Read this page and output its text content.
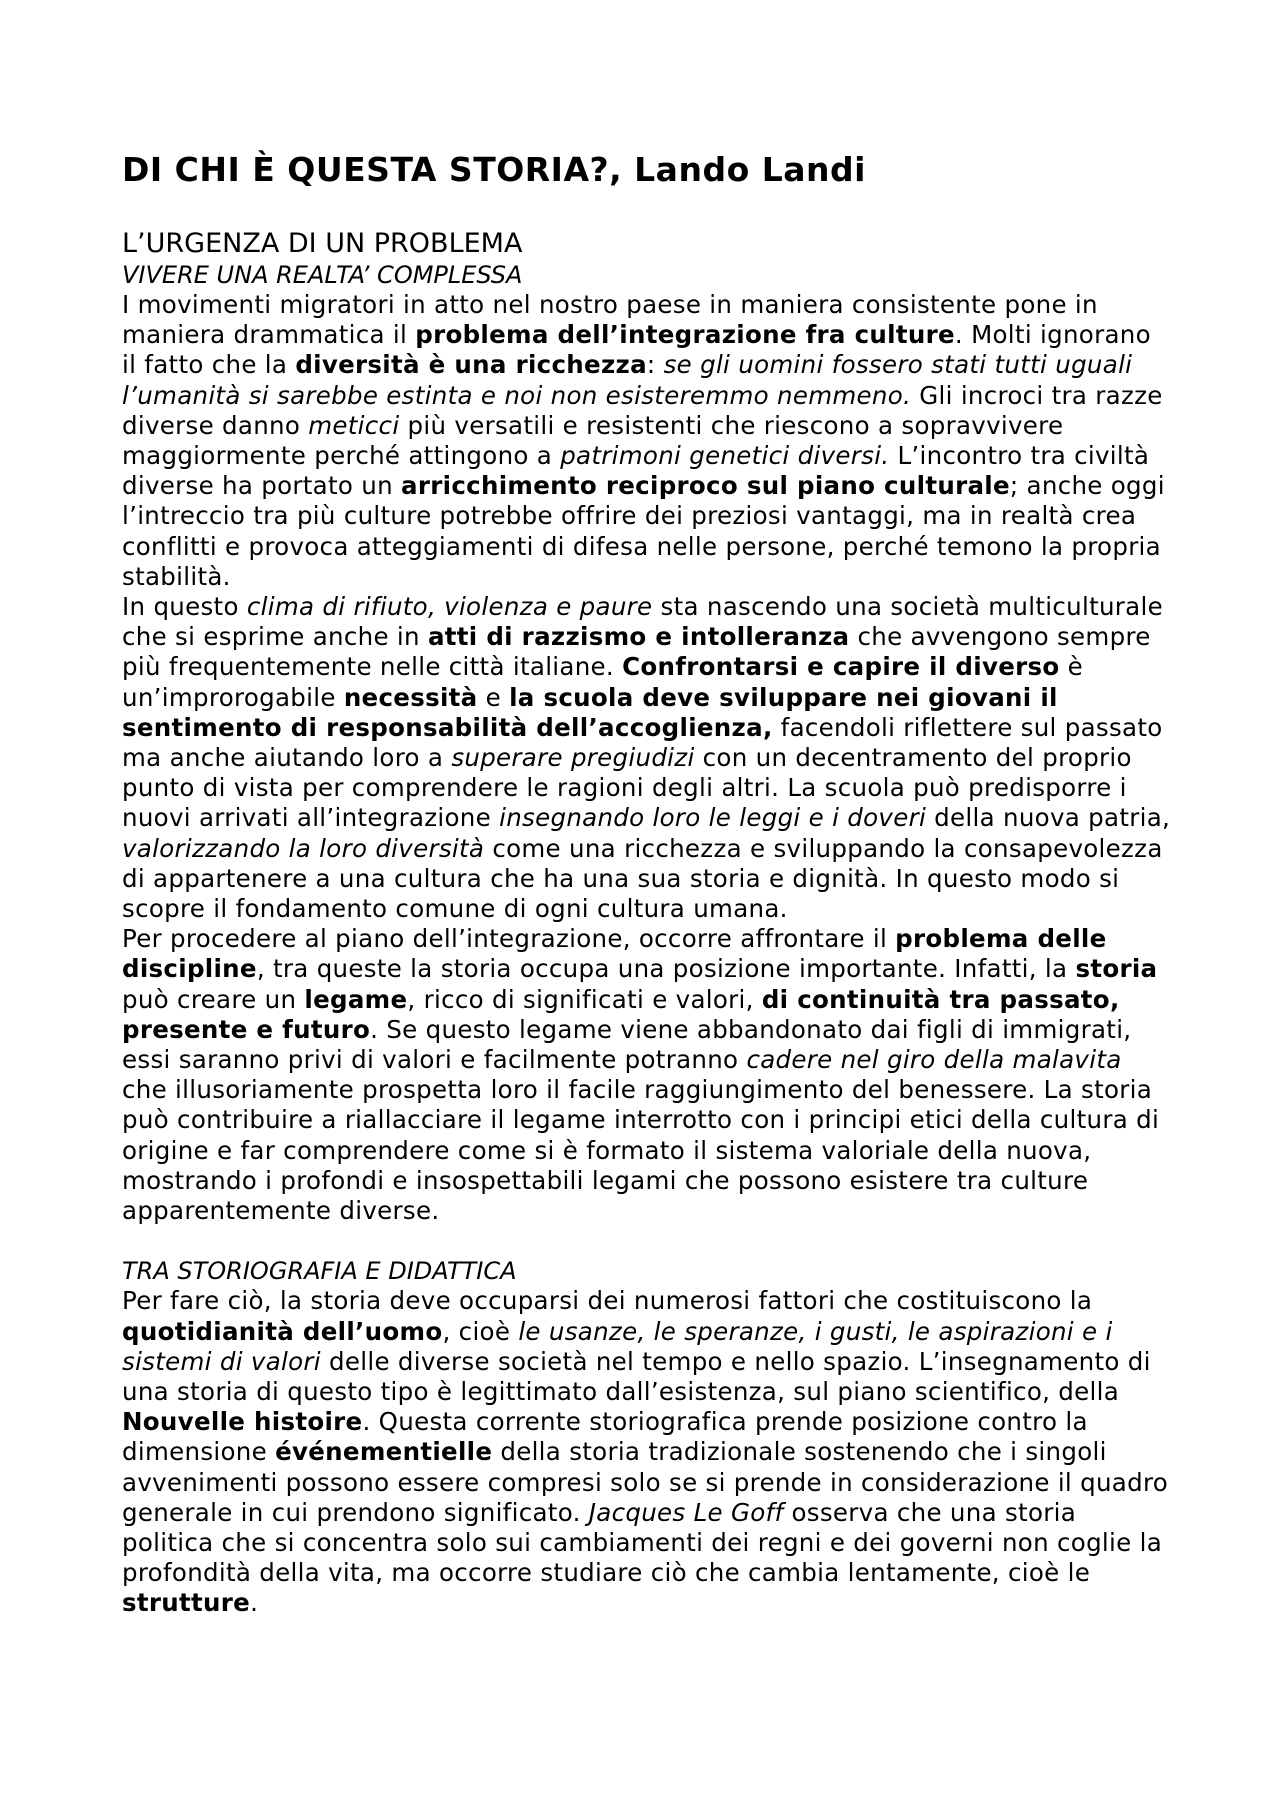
DI CHI È QUESTA STORIA?, Lando Landi
L’URGENZA DI UN PROBLEMA
VIVERE UNA REALTA’ COMPLESSA

I movimenti migratori in atto nel nostro paese in maniera consistente pone in maniera drammatica il problema dell’integrazione fra culture. Molti ignorano il fatto che la diversità è una ricchezza: se gli uomini fossero stati tutti uguali l’umanità si sarebbe estinta e noi non esisteremmo nemmeno. Gli incroci tra razze diverse danno meticci più versatili e resistenti che riescono a sopravvivere maggiormente perché attingono a patrimoni genetici diversi. L’incontro tra civiltà diverse ha portato un arricchimento reciproco sul piano culturale; anche oggi l’intreccio tra più culture potrebbe offrire dei preziosi vantaggi, ma in realtà crea conflitti e provoca atteggiamenti di difesa nelle persone, perché temono la propria stabilità.

In questo clima di rifiuto, violenza e paure sta nascendo una società multiculturale che si esprime anche in atti di razzismo e intolleranza che avvengono sempre più frequentemente nelle città italiane. Confrontarsi e capire il diverso è un’improrogabile necessità e la scuola deve sviluppare nei giovani il sentimento di responsabilità dell’accoglienza, facendoli riflettere sul passato ma anche aiutando loro a superare pregiudizi con un decentramento del proprio punto di vista per comprendere le ragioni degli altri. La scuola può predisporre i nuovi arrivati all’integrazione insegnando loro le leggi e i doveri della nuova patria, valorizzando la loro diversità come una ricchezza e sviluppando la consapevolezza di appartenere a una cultura che ha una sua storia e dignità. In questo modo si scopre il fondamento comune di ogni cultura umana.

Per procedere al piano dell’integrazione, occorre affrontare il problema delle discipline, tra queste la storia occupa una posizione importante. Infatti, la storia può creare un legame, ricco di significati e valori, di continuità tra passato, presente e futuro. Se questo legame viene abbandonato dai figli di immigrati, essi saranno privi di valori e facilmente potranno cadere nel giro della malavita che illusoriamente prospetta loro il facile raggiungimento del benessere. La storia può contribuire a riallacciare il legame interrotto con i principi etici della cultura di origine e far comprendere come si è formato il sistema valoriale della nuova, mostrando i profondi e insospettabili legami che possono esistere tra culture apparentemente diverse.

TRA STORIOGRAFIA E DIDATTICA

Per fare ciò, la storia deve occuparsi dei numerosi fattori che costituiscono la quotidianità dell’uomo, cioè le usanze, le speranze, i gusti, le aspirazioni e i sistemi di valori delle diverse società nel tempo e nello spazio. L’insegnamento di una storia di questo tipo è legittimato dall’esistenza, sul piano scientifico, della Nouvelle histoire. Questa corrente storiografica prende posizione contro la dimensione événementielle della storia tradizionale sostenendo che i singoli avvenimenti possono essere compresi solo se si prende in considerazione il quadro generale in cui prendono significato. Jacques Le Goff osserva che una storia politica che si concentra solo sui cambiamenti dei regni e dei governi non coglie la profondità della vita, ma occorre studiare ciò che cambia lentamente, cioè le strutture.
